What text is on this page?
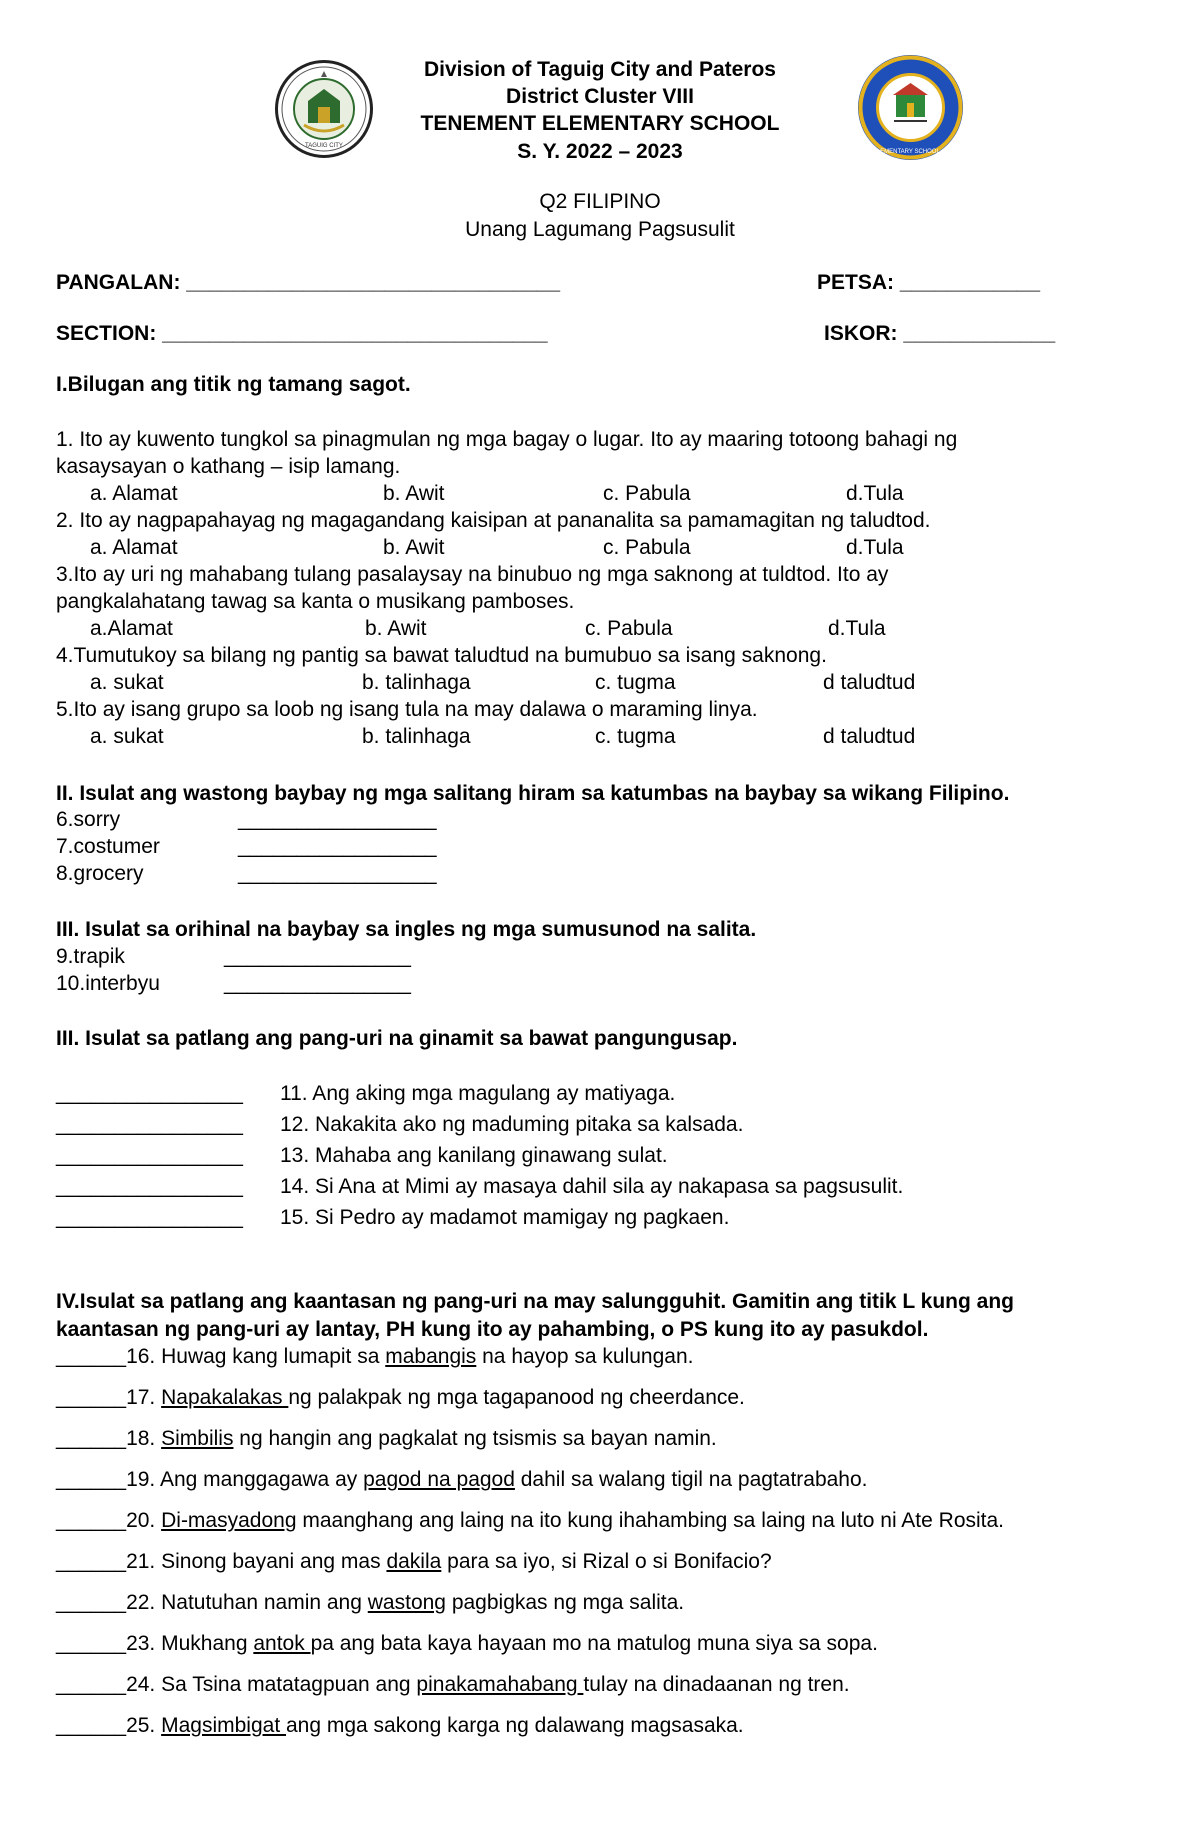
TAGUIG CITY
TENEMENT ELEMENTARY SCHOOL • TAGUIG CITY
Division of Taguig City and Pateros
District Cluster VIII
TENEMENT ELEMENTARY SCHOOL
S. Y. 2022 – 2023
Q2 FILIPINO
Unang Lagumang Pagsusulit
PANGALAN: ________________________________	PETSA: ____________
SECTION: _________________________________	ISKOR: _____________
I.Bilugan ang titik ng tamang sagot.
1. Ito ay kuwento tungkol sa pinagmulan ng mga bagay o lugar. Ito ay maaring totoong bahagi ng
kasaysayan o kathang – isip lamang.
a. Alamat	b. Awit	c. Pabula	d.Tula
2. Ito ay nagpapahayag ng magagandang kaisipan at pananalita sa pamamagitan ng taludtod.
a. Alamat	b. Awit	c. Pabula	d.Tula
3.Ito ay uri ng mahabang tulang pasalaysay na binubuo ng mga saknong at tuldtod. Ito ay
pangkalahatang tawag sa kanta o musikang pamboses.
a.Alamat	b. Awit	c. Pabula	d.Tula
4.Tumutukoy sa bilang ng pantig sa bawat taludtud na bumubuo sa isang saknong.
a. sukat	b. talinhaga	c. tugma	d taludtud
5.Ito ay isang grupo sa loob ng isang tula na may dalawa o maraming linya.
a. sukat	b. talinhaga	c. tugma	d taludtud
II. Isulat ang wastong baybay ng mga salitang hiram sa katumbas na baybay sa wikang Filipino.
6.sorry	_________________
7.costumer	_________________
8.grocery	_________________
III. Isulat sa orihinal na baybay sa ingles ng mga sumusunod na salita.
9.trapik	________________
10.interbyu	________________
III. Isulat sa patlang ang pang-uri na ginamit sa bawat pangungusap.
________________ 11. Ang aking mga magulang ay matiyaga.
________________ 12. Nakakita ako ng maduming pitaka sa kalsada.
________________ 13. Mahaba ang kanilang ginawang sulat.
________________ 14. Si Ana at Mimi ay masaya dahil sila ay nakapasa sa pagsusulit.
________________ 15. Si Pedro ay madamot mamigay ng pagkaen.
IV.Isulat sa patlang ang kaantasan ng pang-uri na may salungguhit. Gamitin ang titik L kung ang
kaantasan ng pang-uri ay lantay, PH kung ito ay pahambing, o PS kung ito ay pasukdol.
______16. Huwag kang lumapit sa mabangis na hayop sa kulungan.
______17. Napakalakas ng palakpak ng mga tagapanood ng cheerdance.
______18. Simbilis ng hangin ang pagkalat ng tsismis sa bayan namin.
______19. Ang manggagawa ay pagod na pagod dahil sa walang tigil na pagtatrabaho.
______20. Di-masyadong maanghang ang laing na ito kung ihahambing sa laing na luto ni Ate Rosita.
______21. Sinong bayani ang mas dakila para sa iyo, si Rizal o si Bonifacio?
______22. Natutuhan namin ang wastong pagbigkas ng mga salita.
______23. Mukhang antok pa ang bata kaya hayaan mo na matulog muna siya sa sopa.
______24. Sa Tsina matatagpuan ang pinakamahabang tulay na dinadaanan ng tren.
______25. Magsimbigat ang mga sakong karga ng dalawang magsasaka.
